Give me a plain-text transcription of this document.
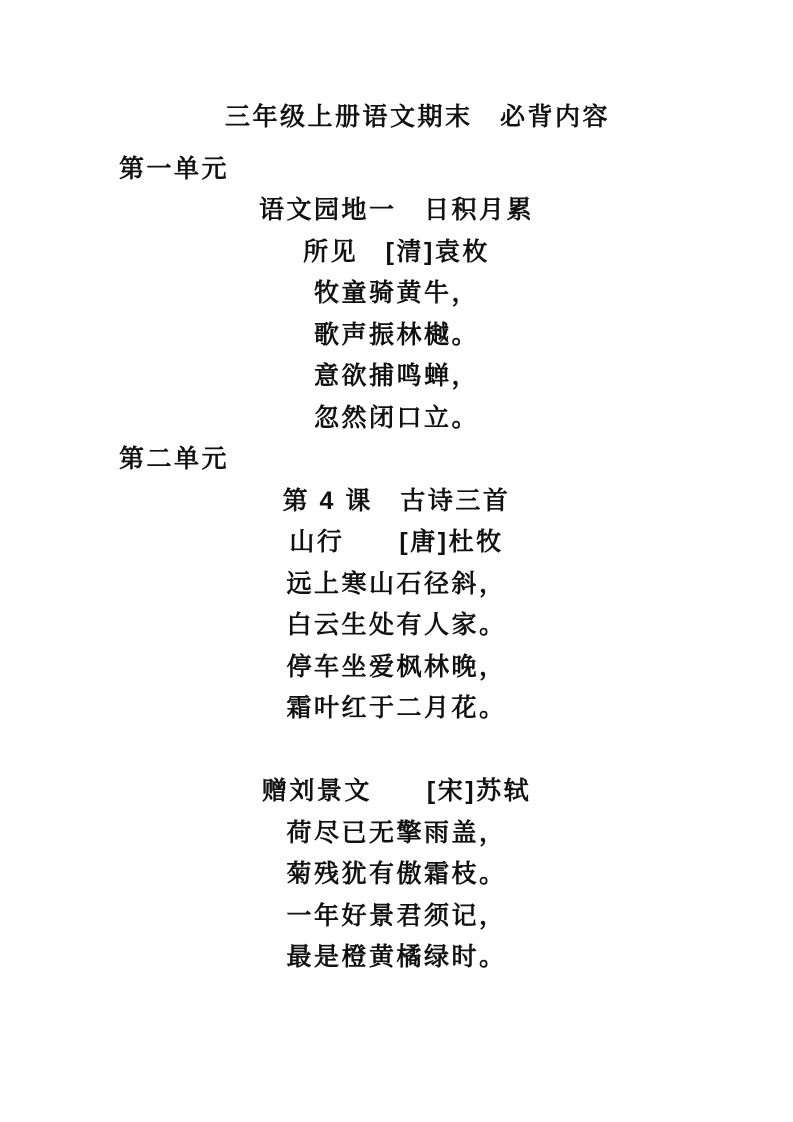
三年级上册语文期末　必背内容
第一单元
语文园地一　日积月累
所见　[清]袁枚
牧童骑黄牛，
歌声振林樾。
意欲捕鸣蝉，
忽然闭口立。
第二单元
第 4 课　古诗三首
山行　　[唐]杜牧
远上寒山石径斜，
白云生处有人家。
停车坐爱枫林晚，
霜叶红于二月花。
赠刘景文　　[宋]苏轼
荷尽已无擎雨盖，
菊残犹有傲霜枝。
一年好景君须记，
最是橙黄橘绿时。
